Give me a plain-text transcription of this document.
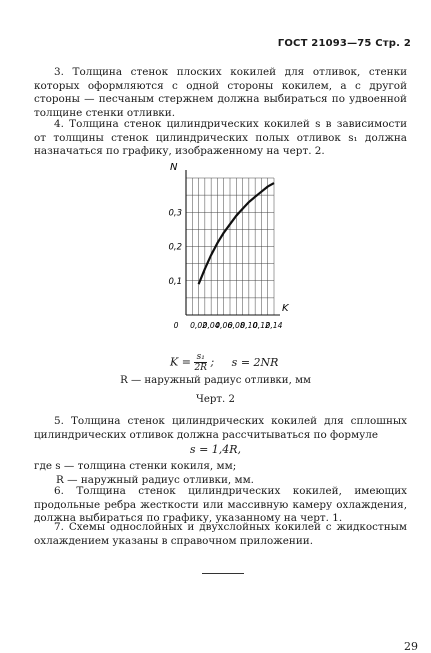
ГОСТ 21093—75 Стр. 2

3. Толщина стенок плоских кокилей для отливок, стенки которых оформляются с одной стороны кокилем, а с другой стороны — песчаным стержнем должна выбираться по удвоенной толщине стенки отливки.

4. Толщина стенок цилиндрических кокилей s в зависимости от толщины стенок цилиндрических полых отливок s₁ должна назначаться по графику, изображенному на черт. 2.

N
K
0,1
0,2
0,3
0 0,02
0,04
0,06
0,08
0,10
0,12
0,14
$K = \frac{\text{s₁}}{2R}$ ; s = 2NR
R — наружный радиус отливки, мм
Черт. 2

5. Толщина стенок цилиндрических кокилей для сплошных цилиндрических отливок должна рассчитываться по формуле

s = 1,4R,

где s — толщина стенки кокиля, мм;

R — наружный радиус отливки, мм.

6. Толщина стенок цилиндрических кокилей, имеющих продольные ребра жесткости или массивную камеру охлаждения, должна выбираться по графику, указанному на черт. 1.

7. Схемы однослойных и двухслойных кокилей с жидкостным охлаждением указаны в справочном приложении.

29
